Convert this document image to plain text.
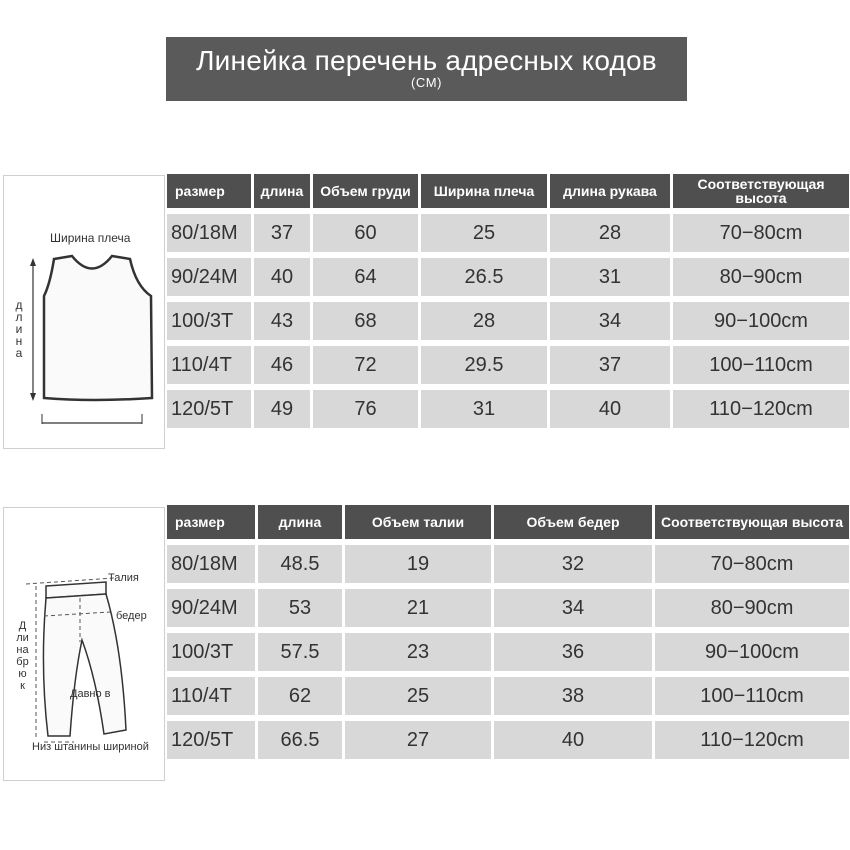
Линейка перечень адресных кодов
(CM)
Ширина плеча
длина
размер	длина	Объем груди	Ширина плеча	длина рукава	Соответствующая высота
80/18M	37	60	25	28	70−80cm
90/24M	40	64	26.5	31	80−90cm
100/3T	43	68	28	34	90−100cm
110/4T	46	72	29.5	37	100−110cm
120/5T	49	76	31	40	110−120cm
Талия
бедер
Длина брюк
Давно в
Низ штанины шириной
размер	длина	Объем талии	Объем бедер	Соответствующая высота
80/18M	48.5	19	32	70−80cm
90/24M	53	21	34	80−90cm
100/3T	57.5	23	36	90−100cm
110/4T	62	25	38	100−110cm
120/5T	66.5	27	40	110−120cm
